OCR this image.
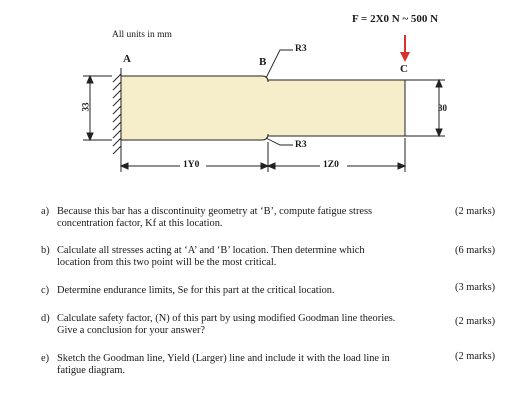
All units in mm
F = 2X0 N ~ 500 N
A	B
C
R3
R3
33	30
1Y0	1Z0
a) Because this bar has a discontinuity geometry at ‘B’, compute fatigue stress
concentration factor, Kf at this location.
(2 marks)
b) Calculate all stresses acting at ‘A’ and ‘B’ location. Then determine which
location from this two point will be the most critical.
(6 marks)
c) Determine endurance limits, Se for this part at the critical location.	(3 marks)
d) Calculate safety factor, (N) of this part by using modified Goodman line theories.
Give a conclusion for your answer?
(2 marks)
e) Sketch the Goodman line, Yield (Larger) line and include it with the load line in
fatigue diagram.
(2 marks)
